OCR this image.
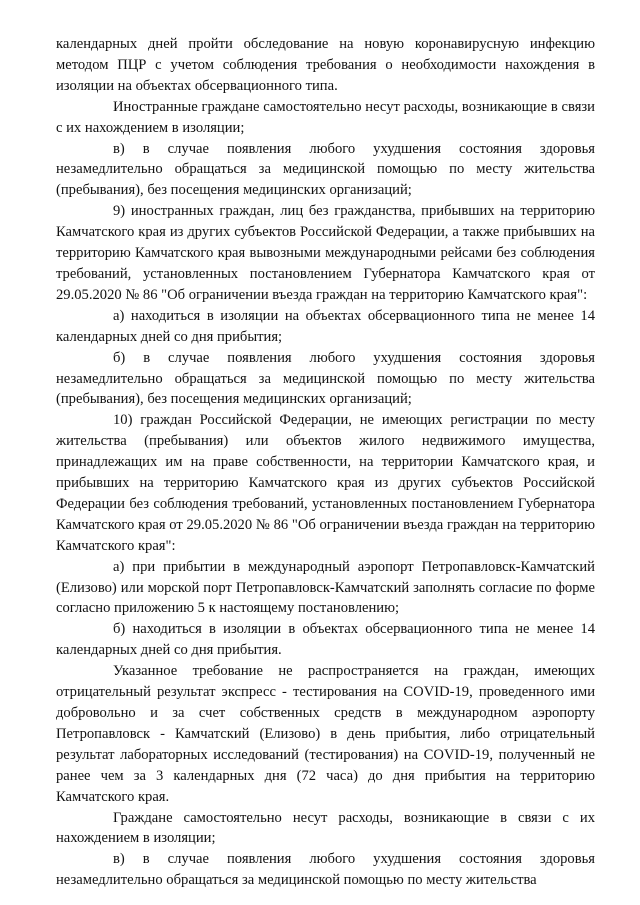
календарных дней пройти обследование на новую коронавирусную инфекцию методом ПЦР с учетом соблюдения требования о необходимости нахождения в изоляции на объектах обсервационного типа.

Иностранные граждане самостоятельно несут расходы, возникающие в связи с их нахождением в изоляции;

в) в случае появления любого ухудшения состояния здоровья незамедлительно обращаться за медицинской помощью по месту жительства (пребывания), без посещения медицинских организаций;

9) иностранных граждан, лиц без гражданства, прибывших на территорию Камчатского края из других субъектов Российской Федерации, а также прибывших на территорию Камчатского края вывозными международными рейсами без соблюдения требований, установленных постановлением Губернатора Камчатского края от 29.05.2020 № 86 "Об ограничении въезда граждан на территорию Камчатского края":

а) находиться в изоляции на объектах обсервационного типа не менее 14 календарных дней со дня прибытия;

б) в случае появления любого ухудшения состояния здоровья незамедлительно обращаться за медицинской помощью по месту жительства (пребывания), без посещения медицинских организаций;

10) граждан Российской Федерации, не имеющих регистрации по месту жительства (пребывания) или объектов жилого недвижимого имущества, принадлежащих им на праве собственности, на территории Камчатского края, и прибывших на территорию Камчатского края из других субъектов Российской Федерации без соблюдения требований, установленных постановлением Губернатора Камчатского края от 29.05.2020 № 86 "Об ограничении въезда граждан на территорию Камчатского края":

а) при прибытии в международный аэропорт Петропавловск-Камчатский (Елизово) или морской порт Петропавловск-Камчатский заполнять согласие по форме согласно приложению 5 к настоящему постановлению;

б) находиться в изоляции в объектах обсервационного типа не менее 14 календарных дней со дня прибытия.

Указанное требование не распространяется на граждан, имеющих отрицательный результат экспресс - тестирования на COVID-19, проведенного ими добровольно и за счет собственных средств в международном аэропорту Петропавловск - Камчатский (Елизово) в день прибытия, либо отрицательный результат лабораторных исследований (тестирования) на COVID-19, полученный не ранее чем за 3 календарных дня (72 часа) до дня прибытия на территорию Камчатского края.

Граждане самостоятельно несут расходы, возникающие в связи с их нахождением в изоляции;

в) в случае появления любого ухудшения состояния здоровья незамедлительно обращаться за медицинской помощью по месту жительства
